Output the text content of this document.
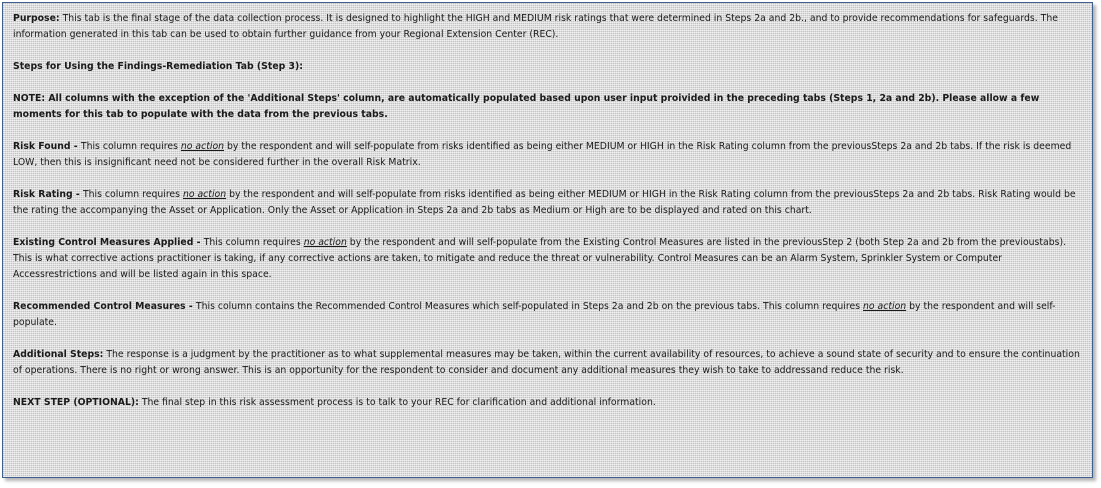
Purpose: This tab is the final stage of the data collection process. It is designed to highlight the HIGH and MEDIUM risk ratings that were determined in Steps 2a and 2b., and to provide recommendations for safeguards. The information generated in this tab can be used to obtain further guidance from your Regional Extension Center (REC).

Steps for Using the Findings-Remediation Tab (Step 3):

NOTE: All columns with the exception of the 'Additional Steps' column, are automatically populated based upon user input proivided in the preceding tabs (Steps 1, 2a and 2b). Please allow a few moments for this tab to populate with the data from the previous tabs.

Risk Found - This column requires no action by the respondent and will self-populate from risks identified as being either MEDIUM or HIGH in the Risk Rating column from the previousSteps 2a and 2b tabs. If the risk is deemed LOW, then this is insignificant need not be considered further in the overall Risk Matrix.

Risk Rating - This column requires no action by the respondent and will self-populate from risks identified as being either MEDIUM or HIGH in the Risk Rating column from the previousSteps 2a and 2b tabs. Risk Rating would be the rating the accompanying the Asset or Application. Only the Asset or Application in Steps 2a and 2b tabs as Medium or High are to be displayed and rated on this chart.

Existing Control Measures Applied - This column requires no action by the respondent and will self-populate from the Existing Control Measures are listed in the previousStep 2 (both Step 2a and 2b from the previoustabs). This is what corrective actions practitioner is taking, if any corrective actions are taken, to mitigate and reduce the threat or vulnerability. Control Measures can be an Alarm System, Sprinkler System or Computer Accessrestrictions and will be listed again in this space.

Recommended Control Measures - This column contains the Recommended Control Measures which self-populated in Steps 2a and 2b on the previous tabs. This column requires no action by the respondent and will self-populate.

Additional Steps: The response is a judgment by the practitioner as to what supplemental measures may be taken, within the current availability of resources, to achieve a sound state of security and to ensure the continuation of operations. There is no right or wrong answer. This is an opportunity for the respondent to consider and document any additional measures they wish to take to addressand reduce the risk.

NEXT STEP (OPTIONAL): The final step in this risk assessment process is to talk to your REC for clarification and additional information.
